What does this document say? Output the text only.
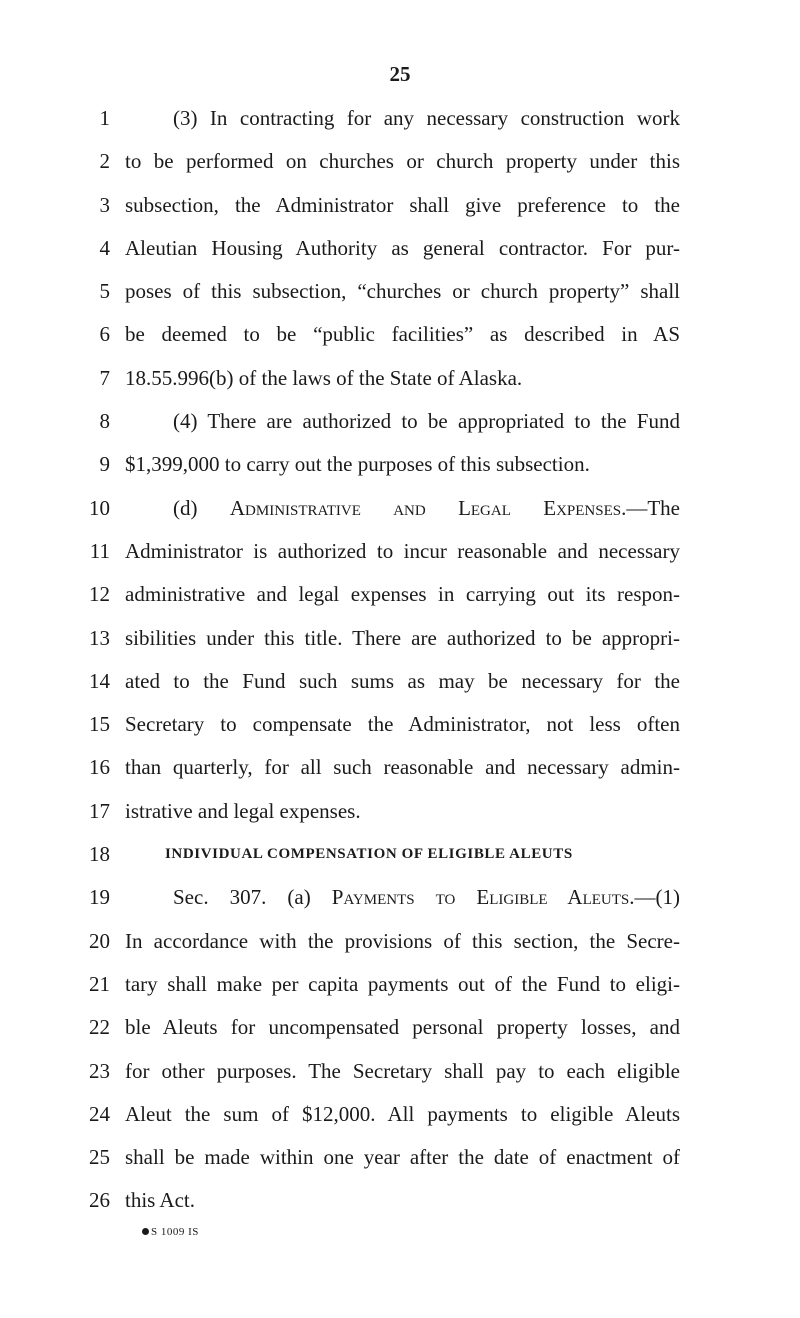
25
1	(3) In contracting for any necessary construction work
2 to be performed on churches or church property under this
3 subsection, the Administrator shall give preference to the
4 Aleutian Housing Authority as general contractor. For pur-
5 poses of this subsection, “churches or church property” shall
6 be deemed to be “public facilities” as described in AS
7 18.55.996(b) of the laws of the State of Alaska.
8	(4) There are authorized to be appropriated to the Fund
9 $1,399,000 to carry out the purposes of this subsection.
10	(d) Administrative and Legal Expenses.—The
11 Administrator is authorized to incur reasonable and necessary
12 administrative and legal expenses in carrying out its respon-
13 sibilities under this title. There are authorized to be appropri-
14 ated to the Fund such sums as may be necessary for the
15 Secretary to compensate the Administrator, not less often
16 than quarterly, for all such reasonable and necessary admin-
17 istrative and legal expenses.
18	INDIVIDUAL COMPENSATION OF ELIGIBLE ALEUTS
19	Sec. 307. (a) Payments to Eligible Aleuts.—(1)
20 In accordance with the provisions of this section, the Secre-
21 tary shall make per capita payments out of the Fund to eligi-
22 ble Aleuts for uncompensated personal property losses, and
23 for other purposes. The Secretary shall pay to each eligible
24 Aleut the sum of $12,000. All payments to eligible Aleuts
25 shall be made within one year after the date of enactment of
26 this Act.
S 1009 IS
